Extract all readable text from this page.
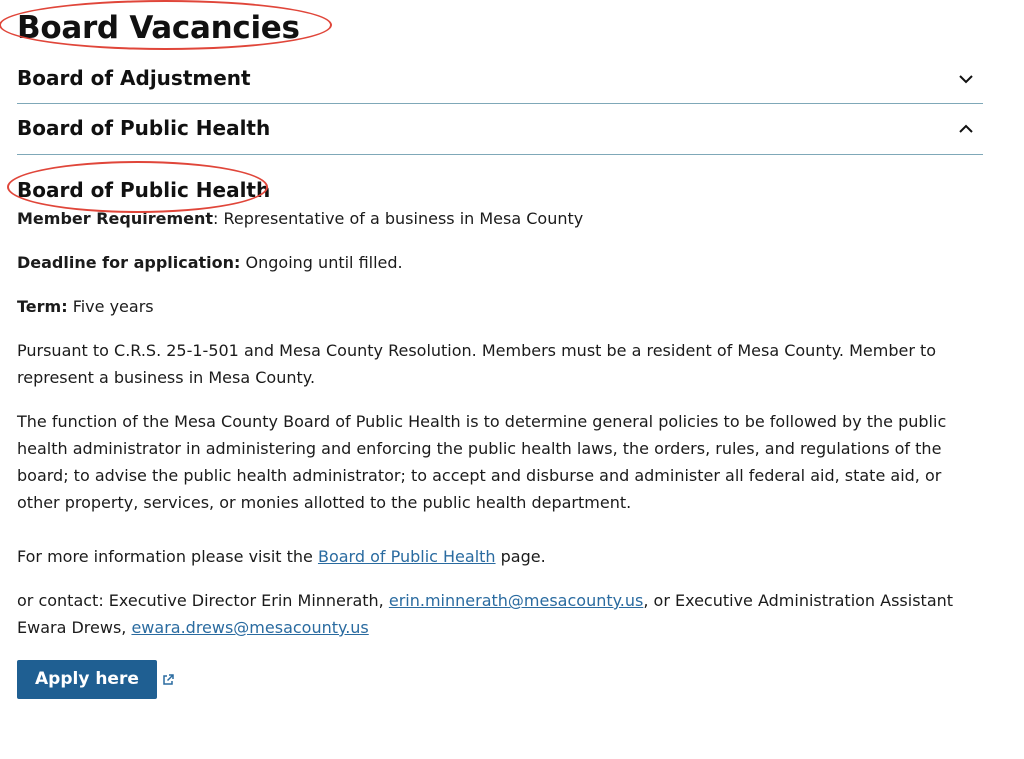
Board Vacancies
Board of Adjustment
Board of Public Health
Board of Public Health

Member Requirement: Representative of a business in Mesa County

Deadline for application: Ongoing until filled.

Term: Five years

Pursuant to C.R.S. 25-1-501 and Mesa County Resolution. Members must be a resident of Mesa County. Member to represent a business in Mesa County.

The function of the Mesa County Board of Public Health is to determine general policies to be followed by the public health administrator in administering and enforcing the public health laws, the orders, rules, and regulations of the board; to advise the public health administrator; to accept and disburse and administer all federal aid, state aid, or other property, services, or monies allotted to the public health department.

For more information please visit the Board of Public Health page.

or contact: Executive Director Erin Minnerath, erin.minnerath@mesacounty.us, or Executive Administration Assistant Ewara Drews, ewara.drews@mesacounty.us

Apply here
